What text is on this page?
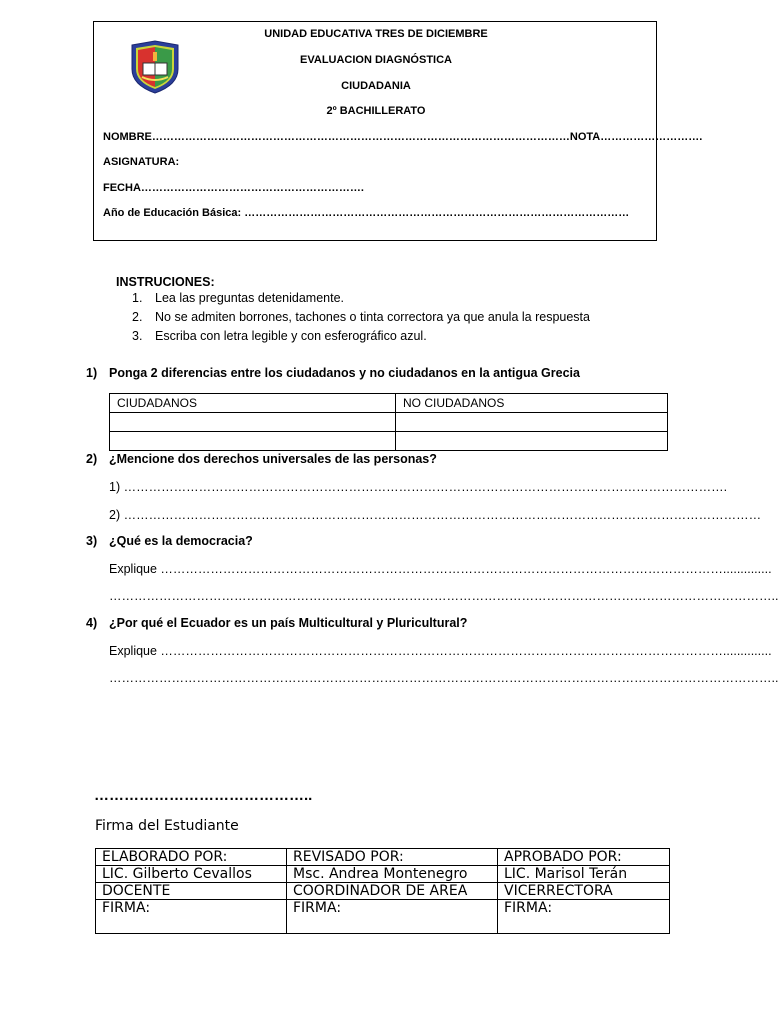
UNIDAD EDUCATIVA TRES DE DICIEMBRE
EVALUACION DIAGNÓSTICA
CIUDADANIA
2º BACHILLERATO
NOMBRE……………………………………………………………………………………………………NOTA……………………….
ASIGNATURA:
FECHA…………………………………………………….
Año de Educación Básica: ……………………………………………………………………………………………
INSTRUCIONES:
1. Lea las preguntas detenidamente.
2. No se admiten borrones, tachones o tinta correctora ya que anula la respuesta
3. Escriba con letra legible y con esferográfico azul.
1) Ponga 2 diferencias entre los ciudadanos y no ciudadanos en la antigua Grecia
CIUDADANOS	NO CIUDADANOS

2) ¿Mencione dos derechos universales de las personas?
1) ……………………………………………………………………………………………………………………………….
2) ………………………………………………………………………………………………………………………………………
3) ¿Qué es la democracia?
Explique ………………………………………………………………………………………………………………………..............
……………………………………………………………………………………………………………………………………………..
4) ¿Por qué el Ecuador es un país Multicultural y Pluricultural?
Explique ………………………………………………………………………………………………………………………..............
……………………………………………………………………………………………………………………………………………..
……………………………………..
Firma del Estudiante
ELABORADO POR:	REVISADO POR:	APROBADO POR:
LIC. Gilberto Cevallos	Msc. Andrea Montenegro	LIC. Marisol Terán
DOCENTE	COORDINADOR DE AREA	VICERRECTORA
FIRMA:	FIRMA:	FIRMA:
